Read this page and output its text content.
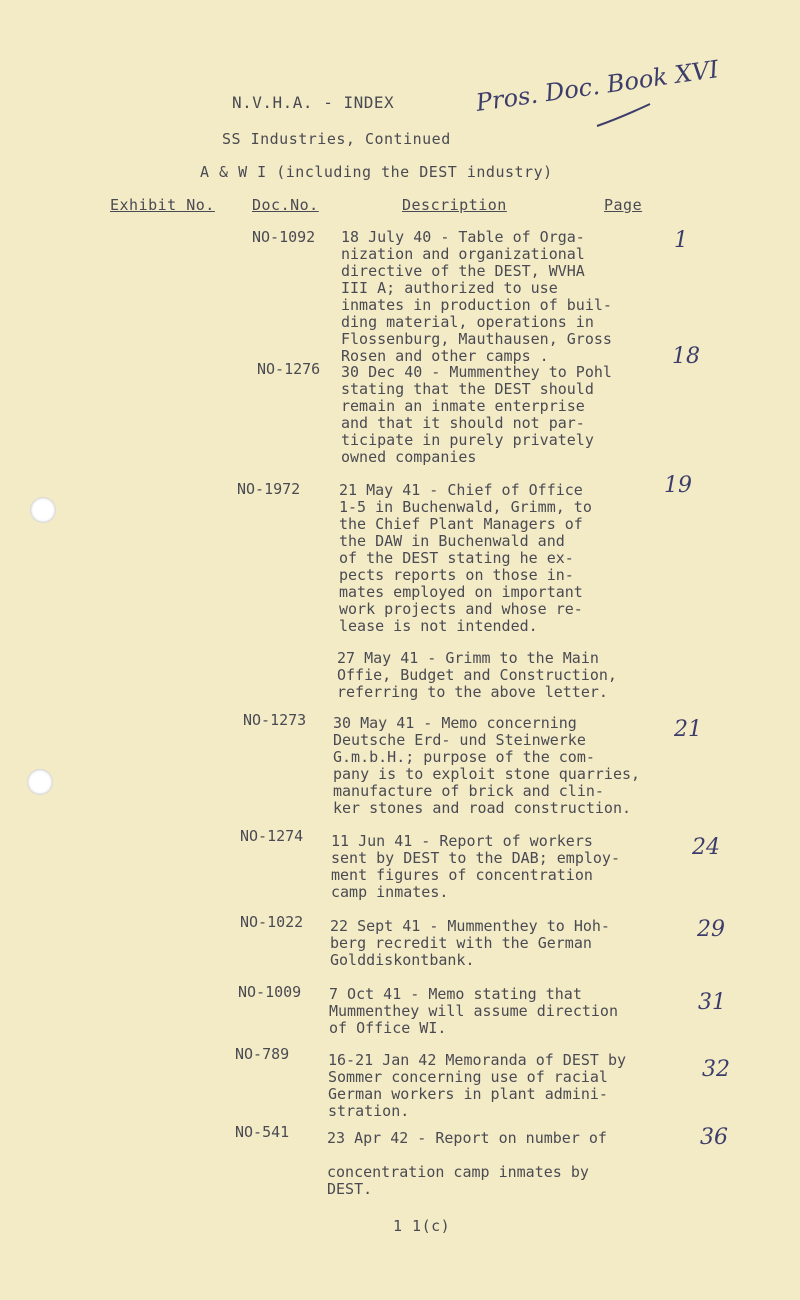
N.V.H.A. - INDEX	Pros. Doc. Book XVI
SS Industries, Continued
A & W I (including the DEST industry)
Exhibit No. Doc.No.	Description	Page
NO-1092 18 July 40 - Table of Orga-
nization and organizational
directive of the DEST, WVHA
III A; authorized to use
inmates in production of buil-
ding material, operations in
Flossenburg, Mauthausen, Gross
Rosen and other camps .
1
NO-1276 30 Dec 40 - Mummenthey to Pohl
stating that the DEST should
remain an inmate enterprise
and that it should not par-
ticipate in purely privately
owned companies
18
NO-1972	21 May 41 - Chief of Office
1-5 in Buchenwald, Grimm, to
the Chief Plant Managers of
the DAW in Buchenwald and
of the DEST stating he ex-
pects reports on those in-
mates employed on important
work projects and whose re-
lease is not intended.
27 May 41 - Grimm to the Main
Offie, Budget and Construction,
referring to the above letter.
19
NO-1273 30 May 41 - Memo concerning
Deutsche Erd- und Steinwerke
G.m.b.H.; purpose of the com-
pany is to exploit stone quarries,
manufacture of brick and clin-
ker stones and road construction.
21
NO-1274 11 Jun 41 - Report of workers
sent by DEST to the DAB; employ-
ment figures of concentration
camp inmates.
24
NO-1022 22 Sept 41 - Mummenthey to Hoh-
berg recredit with the German
Golddiskontbank.
29
NO-1009 7 Oct 41 - Memo stating that
Mummenthey will assume direction
of Office WI.
31
NO-789	16-21 Jan 42 Memoranda of DEST by
Sommer concerning use of racial
German workers in plant admini-
stration.
32
NO-541	23 Apr 42 - Report on number of

concentration camp inmates by
DEST.
36
1 1(c)
